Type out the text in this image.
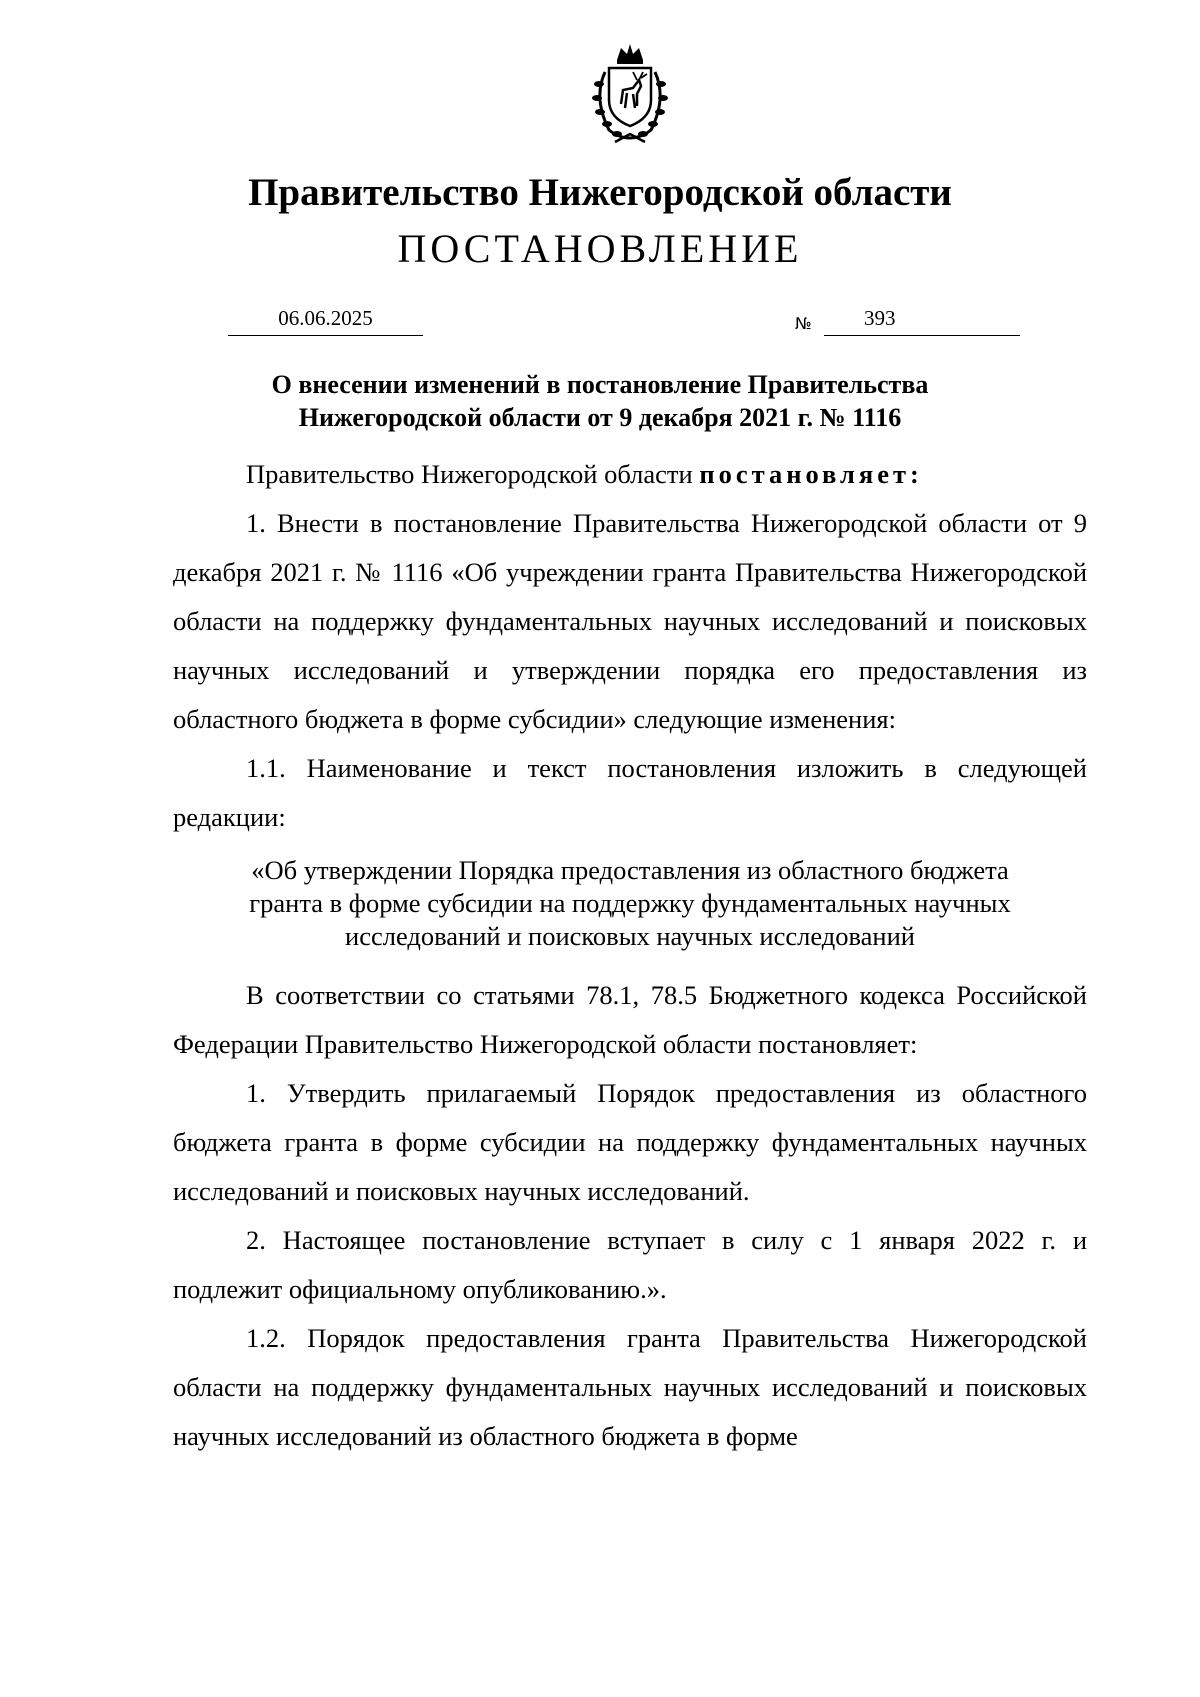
Правительство Нижегородской области
ПОСТАНОВЛЕНИЕ
06.06.2025	№ 393
О внесении изменений в постановление Правительства
Нижегородской области от 9 декабря 2021 г. № 1116

Правительство Нижегородской области постановляет:

1. Внести в постановление Правительства Нижегородской области от 9 декабря 2021 г. № 1116 «Об учреждении гранта Правительства Нижегородской области на поддержку фундаментальных научных исследований и поисковых научных исследований и утверждении порядка его предоставления из областного бюджета в форме субсидии» следующие изменения:

1.1. Наименование и текст постановления изложить в следующей редакции:

«Об утверждении Порядка предоставления из областного бюджета
гранта в форме субсидии на поддержку фундаментальных научных
исследований и поисковых научных исследований

В соответствии со статьями 78.1, 78.5 Бюджетного кодекса Российской Федерации Правительство Нижегородской области постановляет:

1. Утвердить прилагаемый Порядок предоставления из областного бюджета гранта в форме субсидии на поддержку фундаментальных научных исследований и поисковых научных исследований.

2. Настоящее постановление вступает в силу с 1 января 2022 г. и подлежит официальному опубликованию.».

1.2. Порядок предоставления гранта Правительства Нижегородской области на поддержку фундаментальных научных исследований и поисковых научных исследований из областного бюджета в форме
